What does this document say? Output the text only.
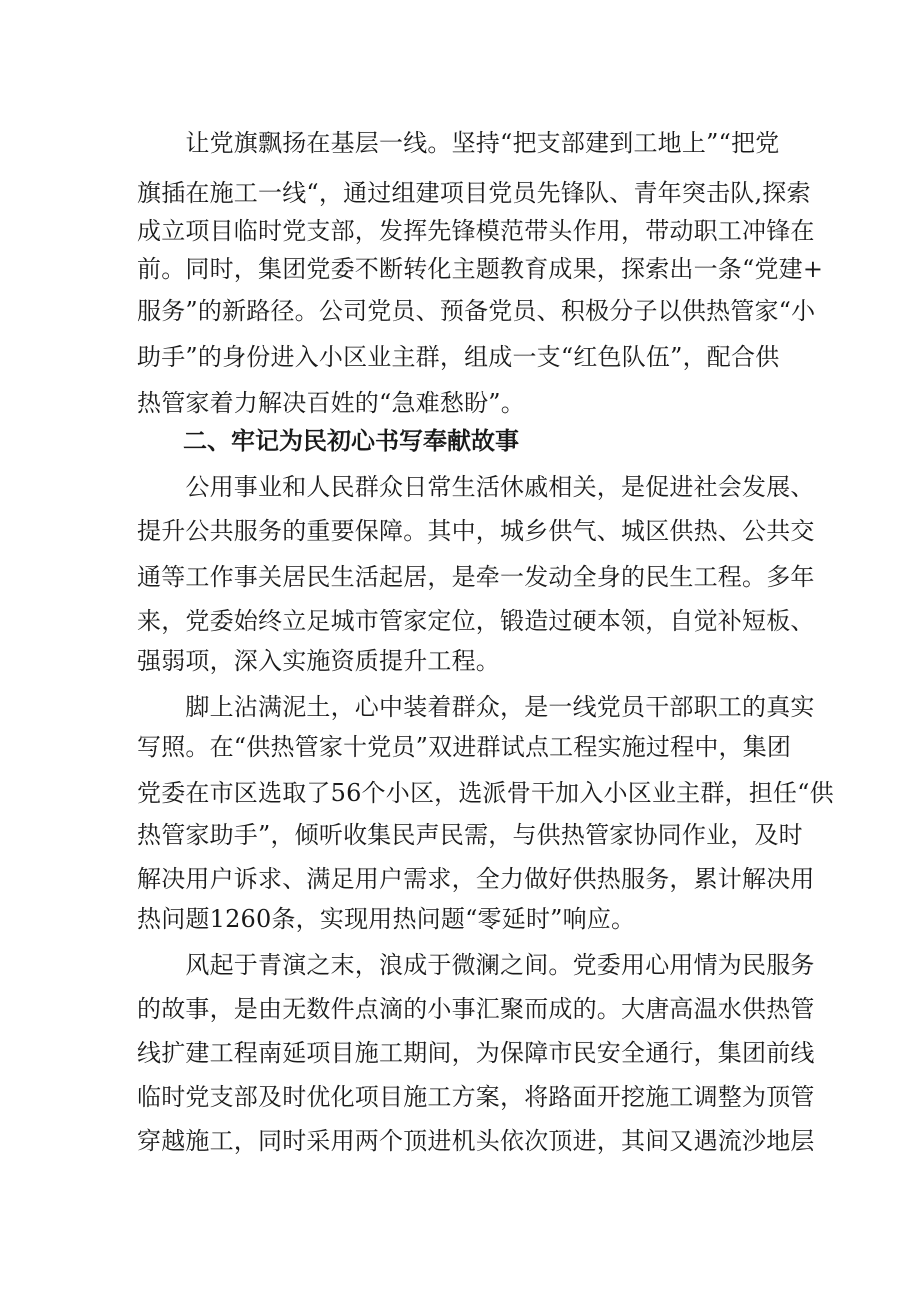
　　让党旗飘扬在基层一线。坚持“把支部建到工地上”“把党
旗插在施工一线“，通过组建项目党员先锋队、青年突击队,探索
成立项目临时党支部，发挥先锋模范带头作用，带动职工冲锋在
前。同时，集团党委不断转化主题教育成果，探索出一条“党建+
服务”的新路径。公司党员、预备党员、积极分子以供热管家“小
助手”的身份进入小区业主群，组成一支“红色队伍”，配合供
热管家着力解决百姓的“急难愁盼”。
二、牢记为民初心书写奉献故事
　　公用事业和人民群众日常生活休戚相关，是促进社会发展、
提升公共服务的重要保障。其中，城乡供气、城区供热、公共交
通等工作事关居民生活起居，是牵一发动全身的民生工程。多年
来，党委始终立足城市管家定位，锻造过硬本领，自觉补短板、
强弱项，深入实施资质提升工程。
　　脚上沾满泥土，心中装着群众，是一线党员干部职工的真实
写照。在“供热管家十党员”双进群试点工程实施过程中，集团
党委在市区选取了56个小区，选派骨干加入小区业主群，担任“供
热管家助手”，倾听收集民声民需，与供热管家协同作业，及时
解决用户诉求、满足用户需求，全力做好供热服务，累计解决用
热问题1260条，实现用热问题“零延时”响应。
　　风起于青演之末，浪成于微澜之间。党委用心用情为民服务
的故事，是由无数件点滴的小事汇聚而成的。大唐高温水供热管
线扩建工程南延项目施工期间，为保障市民安全通行，集团前线
临时党支部及时优化项目施工方案，将路面开挖施工调整为顶管
穿越施工，同时采用两个顶进机头依次顶进，其间又遇流沙地层
